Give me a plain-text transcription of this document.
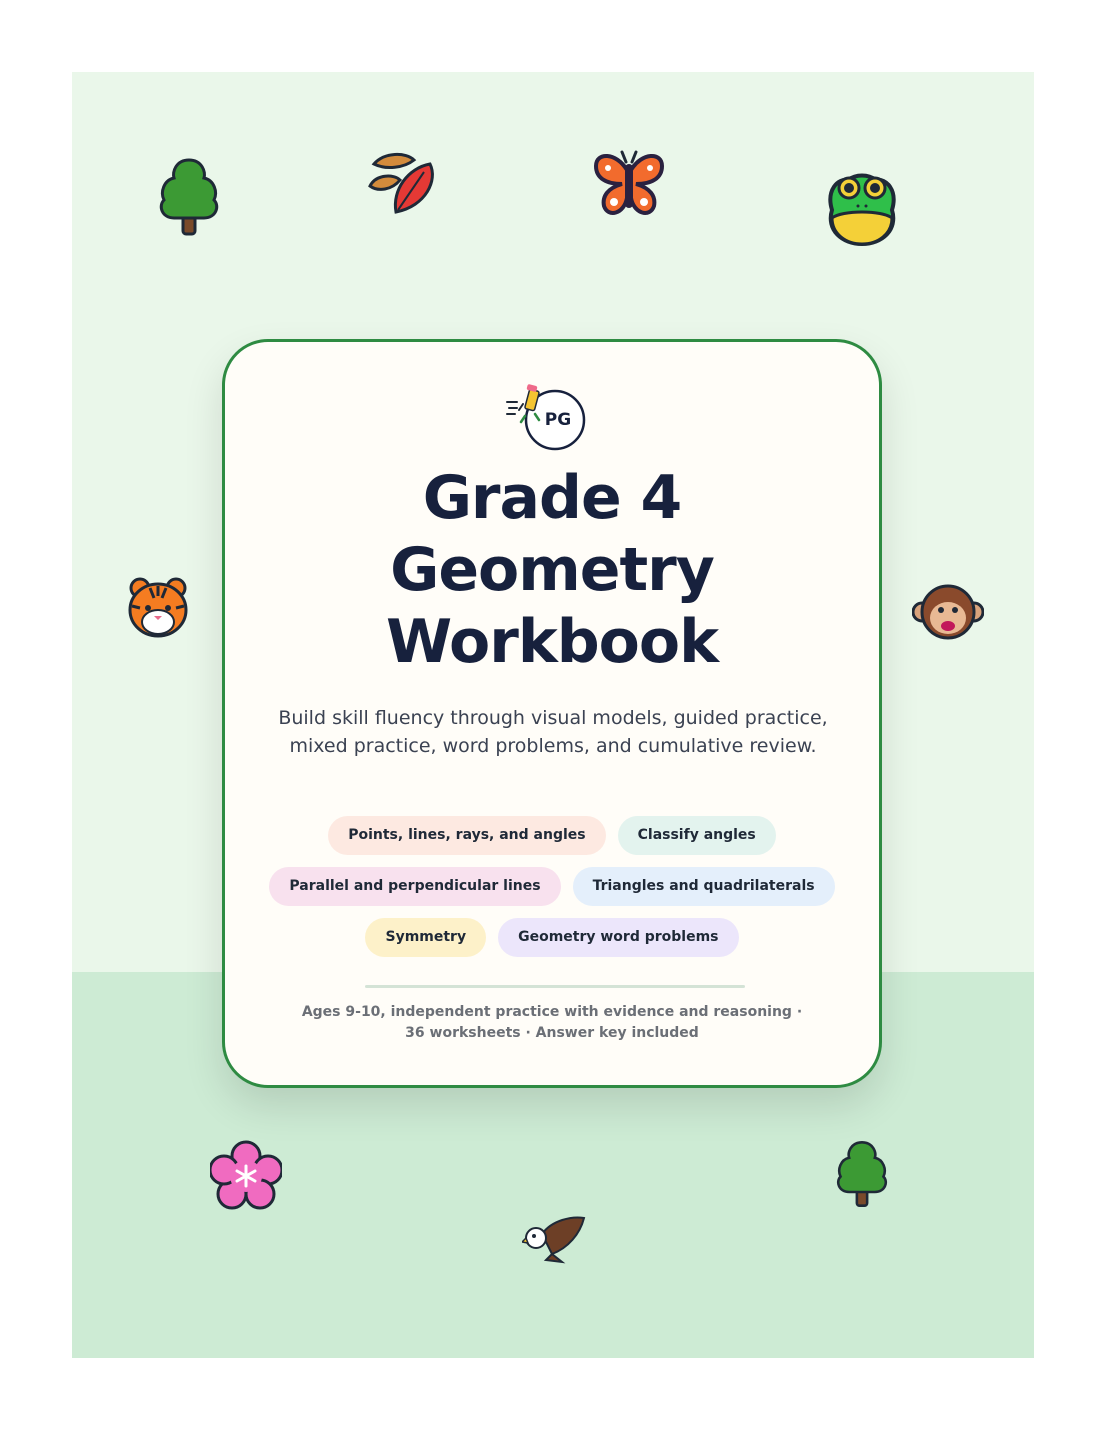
PG
Grade 4
Geometry
Workbook

Build skill fluency through visual models, guided practice, mixed practice, word problems, and cumulative review.

Points, lines, rays, and angles	Classify angles
Parallel and perpendicular lines	Triangles and quadrilaterals
Symmetry	Geometry word problems

Ages 9-10, independent practice with evidence and reasoning · 36 worksheets · Answer key included
